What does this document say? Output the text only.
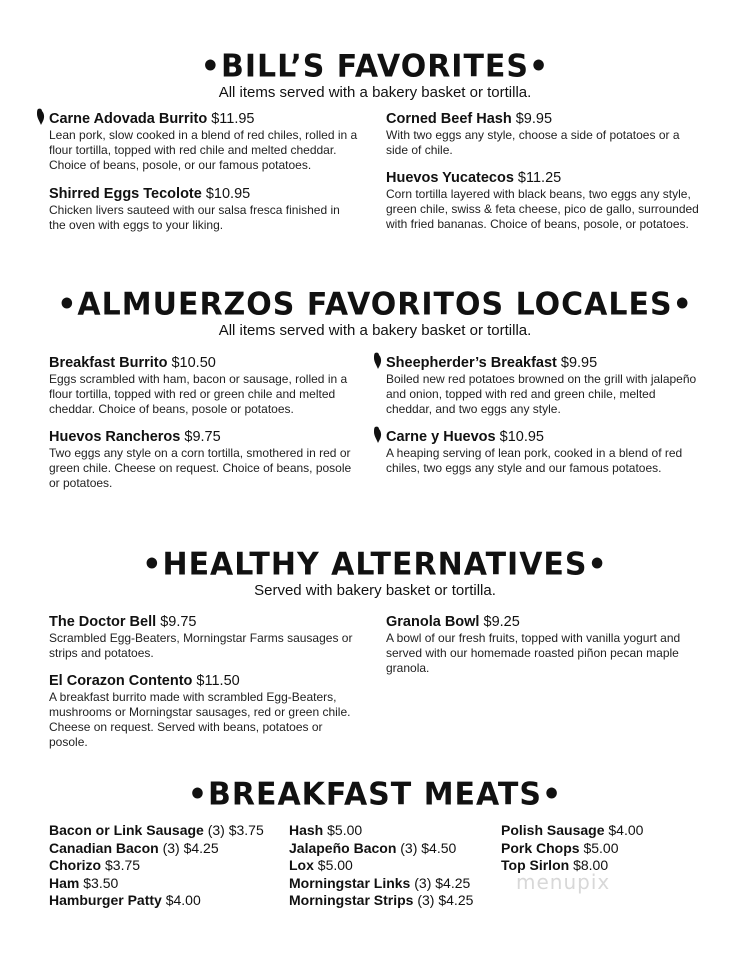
•BILL’S FAVORITES•
All items served with a bakery basket or tortilla.
Carne Adovada Burrito $11.95
Lean pork, slow cooked in a blend of red chiles, rolled in a flour tortilla, topped with red chile and melted cheddar. Choice of beans, posole, or our famous potatoes.
Shirred Eggs Tecolote $10.95
Chicken livers sauteed with our salsa fresca finished in the oven with eggs to your liking.
Corned Beef Hash $9.95
With two eggs any style, choose a side of potatoes or a side of chile.
Huevos Yucatecos $11.25
Corn tortilla layered with black beans, two eggs any style, green chile, swiss & feta cheese, pico de gallo, surrounded with fried bananas. Choice of beans, posole, or potatoes.
•ALMUERZOS FAVORITOS LOCALES•
All items served with a bakery basket or tortilla.
Breakfast Burrito $10.50
Eggs scrambled with ham, bacon or sausage, rolled in a flour tortilla, topped with red or green chile and melted cheddar. Choice of beans, posole or potatoes.
Huevos Rancheros $9.75
Two eggs any style on a corn tortilla, smothered in red or green chile. Cheese on request. Choice of beans, posole or potatoes.
Sheepherder’s Breakfast $9.95
Boiled new red potatoes browned on the grill with jalapeño and onion, topped with red and green chile, melted cheddar, and two eggs any style.
Carne y Huevos $10.95
A heaping serving of lean pork, cooked in a blend of red chiles, two eggs any style and our famous potatoes.
•HEALTHY ALTERNATIVES•
Served with bakery basket or tortilla.
The Doctor Bell $9.75
Scrambled Egg-Beaters, Morningstar Farms sausages or strips and potatoes.
El Corazon Contento $11.50
A breakfast burrito made with scrambled Egg-Beaters, mushrooms or Morningstar sausages, red or green chile. Cheese on request. Served with beans, potatoes or posole.
Granola Bowl $9.25
A bowl of our fresh fruits, topped with vanilla yogurt and served with our homemade roasted piñon pecan maple granola.
•BREAKFAST MEATS•
Bacon or Link Sausage (3) $3.75
Canadian Bacon (3) $4.25
Chorizo $3.75
Ham $3.50
Hamburger Patty $4.00
Hash $5.00
Jalapeño Bacon (3) $4.50
Lox $5.00
Morningstar Links (3) $4.25
Morningstar Strips (3) $4.25
Polish Sausage $4.00
Pork Chops $5.00
Top Sirlon $8.00
menupix
